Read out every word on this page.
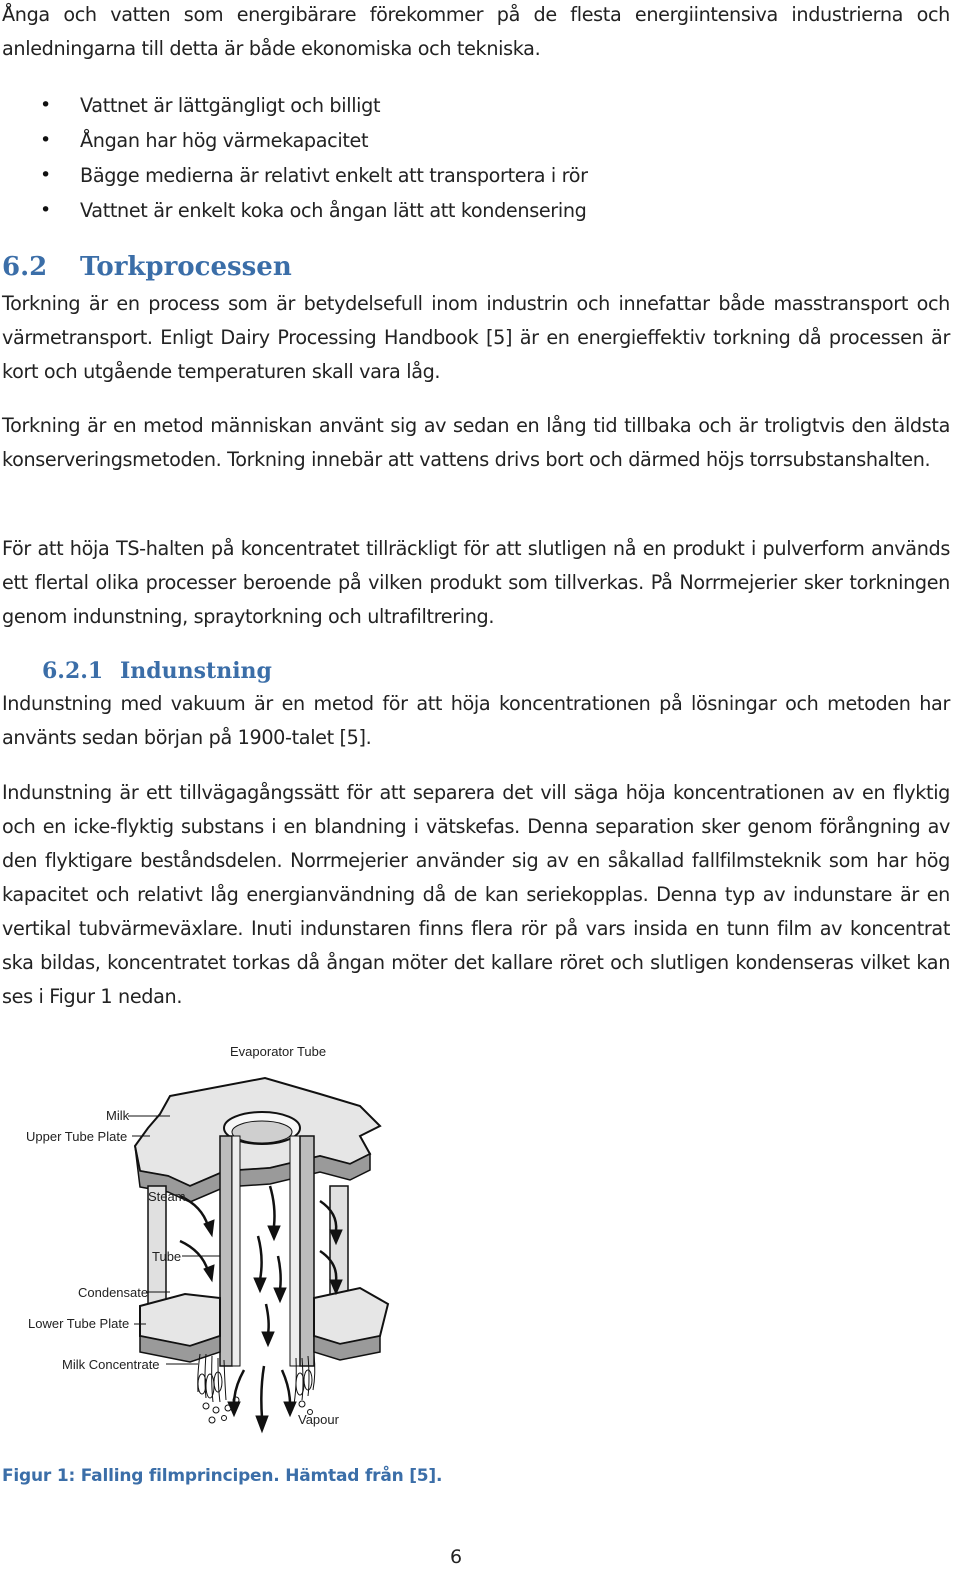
Ånga och vatten som energibärare förekommer på de flesta energiintensiva industrierna och anledningarna till detta är både ekonomiska och tekniska.

• Vattnet är lättgängligt och billigt
• Ångan har hög värmekapacitet
• Bägge medierna är relativt enkelt att transportera i rör
• Vattnet är enkelt koka och ångan lätt att kondensering
6.2 Torkprocessen

Torkning är en process som är betydelsefull inom industrin och innefattar både masstransport och värmetransport. Enligt Dairy Processing Handbook [5] är en energieffektiv torkning då processen är kort och utgående temperaturen skall vara låg.

Torkning är en metod människan använt sig av sedan en lång tid tillbaka och är troligtvis den äldsta konserveringsmetoden. Torkning innebär att vattens drivs bort och därmed höjs torrsubstanshalten.

För att höja TS-halten på koncentratet tillräckligt för att slutligen nå en produkt i pulverform används ett flertal olika processer beroende på vilken produkt som tillverkas. På Norrmejerier sker torkningen genom indunstning, spraytorkning och ultrafiltrering.

6.2.1 Indunstning

Indunstning med vakuum är en metod för att höja koncentrationen på lösningar och metoden har använts sedan början på 1900-talet [5].

Indunstning är ett tillvägagångssätt för att separera det vill säga höja koncentrationen av en flyktig och en icke-flyktig substans i en blandning i vätskefas. Denna separation sker genom förångning av den flyktigare beståndsdelen. Norrmejerier använder sig av en såkallad fallfilmsteknik som har hög kapacitet och relativt låg energianvändning då de kan seriekopplas. Denna typ av indunstare är en vertikal tubvärmeväxlare. Inuti indunstaren finns flera rör på vars insida en tunn film av koncentrat ska bildas, koncentratet torkas då ångan möter det kallare röret och slutligen kondenseras vilket kan ses i Figur 1 nedan.

Evaporator Tube
Milk
Upper Tube Plate
Steam
Tube
Condensate
Lower Tube Plate
Milk Concentrate
Vapour

Figur 1: Falling filmprincipen. Hämtad från [5].

6
